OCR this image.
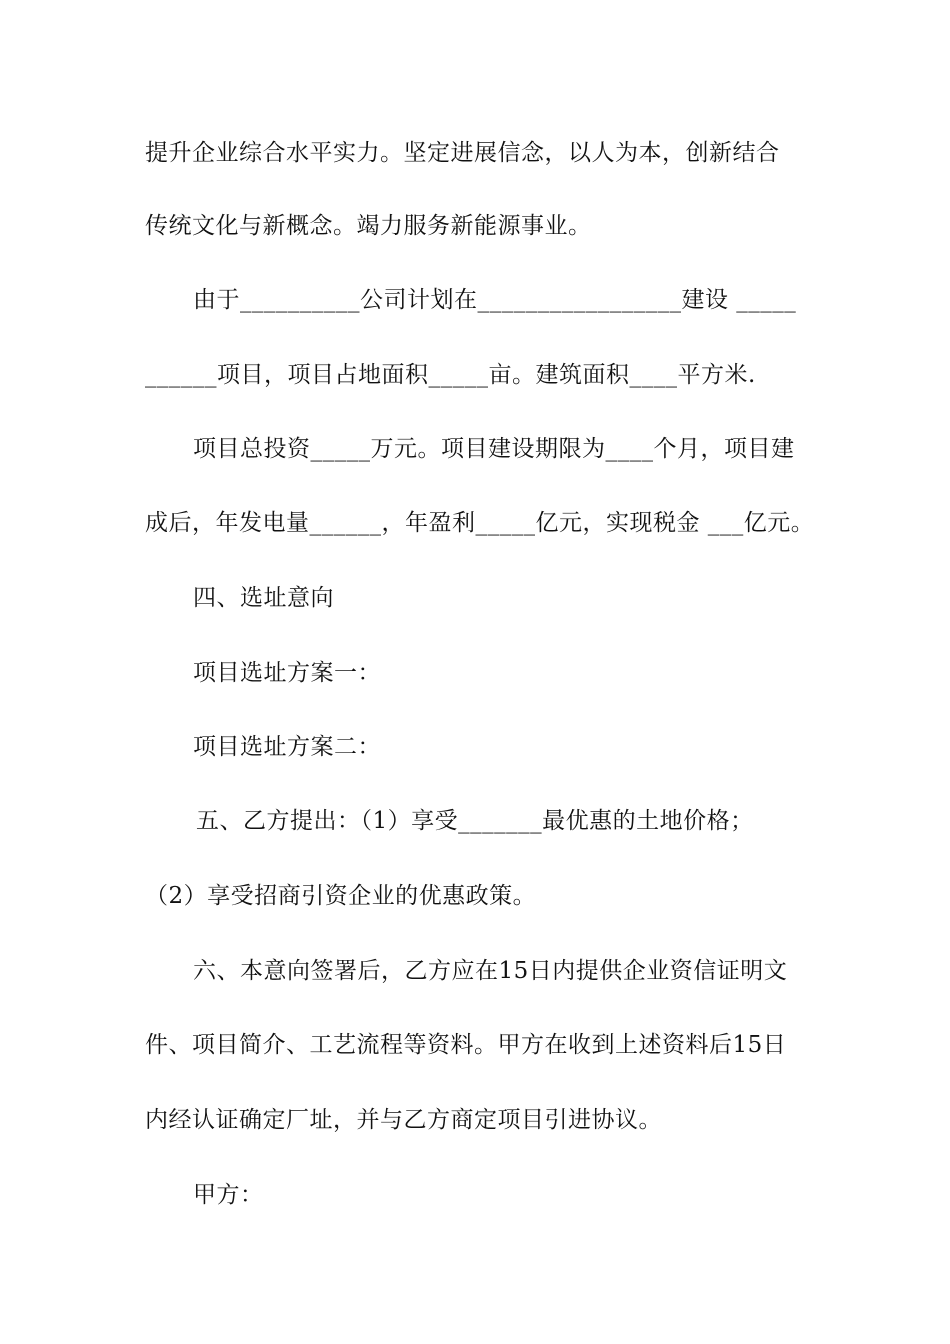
提升企业综合水平实力。坚定进展信念，以人为本，创新结合
传统文化与新概念。竭力服务新能源事业。
由于__________公司计划在_________________建设 _____
______项目，项目占地面积_____亩。建筑面积____平方米.
项目总投资_____万元。项目建设期限为____个月，项目建
成后，年发电量______，年盈利_____亿元，实现税金 ___亿元。
四、选址意向
项目选址方案一：
项目选址方案二：
五、乙方提出：（1）享受_______最优惠的土地价格；
（2）享受招商引资企业的优惠政策。
六、本意向签署后，乙方应在15日内提供企业资信证明文
件、项目简介、工艺流程等资料。甲方在收到上述资料后15日
内经认证确定厂址，并与乙方商定项目引进协议。
甲方：
